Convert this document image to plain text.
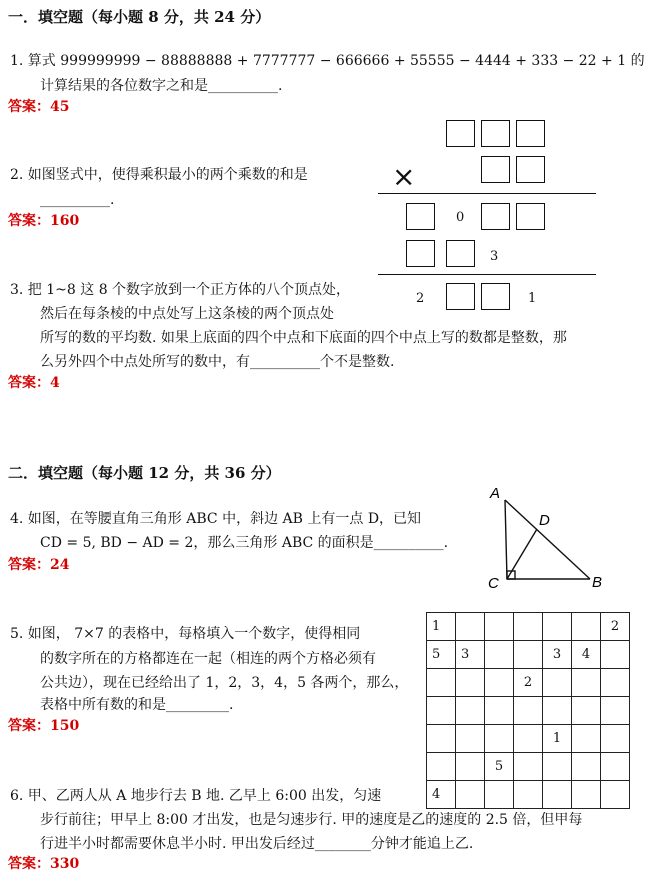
一．填空题（每小题 8 分，共 24 分）
1. 算式 999999999 − 88888888 + 7777777 − 666666 + 55555 − 4444 + 333 − 22 + 1 的
计算结果的各位数字之和是__________.
答案：45
2. 如图竖式中，使得乘积最小的两个乘数的和是
__________.
答案：160
3. 把 1~8 这 8 个数字放到一个正方体的八个顶点处，
然后在每条棱的中点处写上这条棱的两个顶点处
所写的数的平均数. 如果上底面的四个中点和下底面的四个中点上写的数都是整数，那
么另外四个中点处所写的数中，有__________个不是整数.
答案：4
×
0
3
2	1
二．填空题（每小题 12 分，共 36 分）
4. 如图，在等腰直角三角形 ABC 中，斜边 AB 上有一点 D，已知
CD = 5, BD − AD = 2，那么三角形 ABC 的面积是__________.
答案：24
A
D
C	B
5. 如图， 7×7 的表格中，每格填入一个数字，使得相同
的数字所在的方格都连在一起（相连的两个方格必须有
公共边），现在已经给出了 1，2，3，4，5 各两个，那么，
表格中所有数的和是_________.
答案：150
1						2
5	3			3	4	
			2			

				1		
		5				
4						
6. 甲、乙两人从 A 地步行去 B 地. 乙早上 6:00 出发，匀速
步行前往；甲早上 8:00 才出发，也是匀速步行. 甲的速度是乙的速度的 2.5 倍，但甲每
行进半小时都需要休息半小时. 甲出发后经过________分钟才能追上乙.
答案：330
